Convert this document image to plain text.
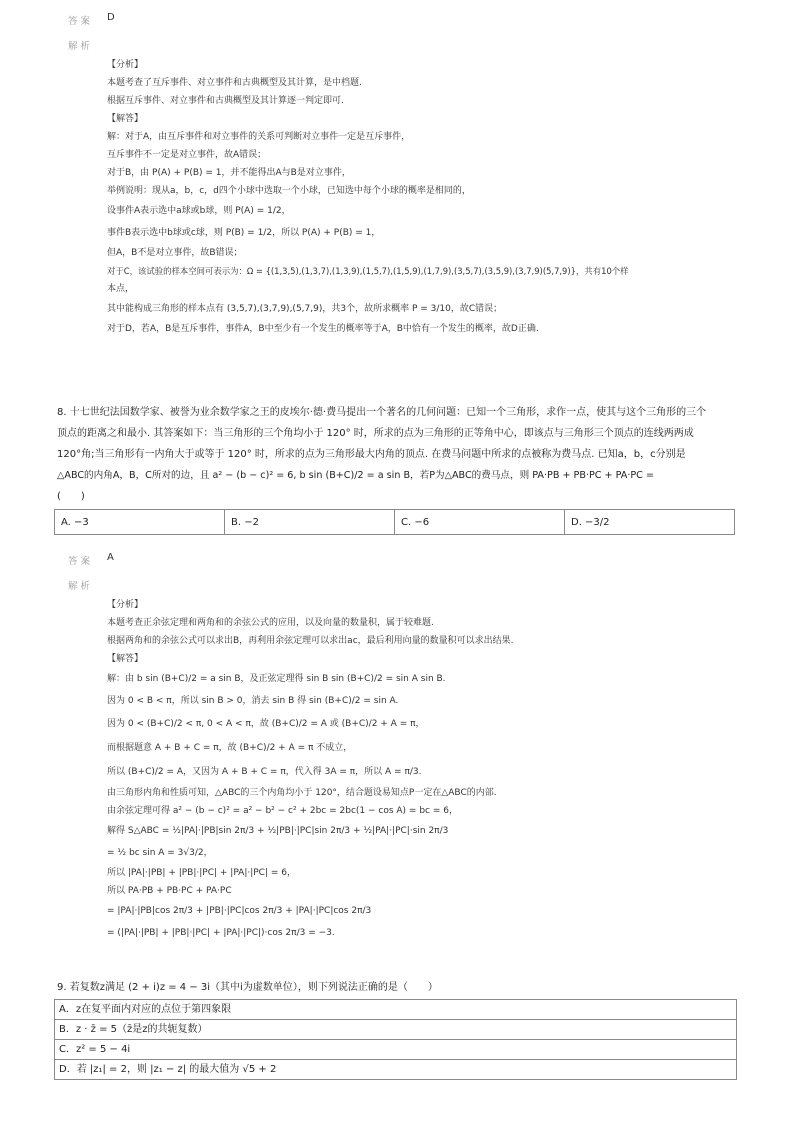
答案 D
解析
【分析】
本题考查了互斥事件、对立事件和古典概型及其计算，是中档题.
根据互斥事件、对立事件和古典概型及其计算逐一判定即可.
【解答】
解：对于A，由互斥事件和对立事件的关系可判断对立事件一定是互斥事件，
互斥事件不一定是对立事件，故A错误；
对于B，由 P(A) + P(B) = 1，并不能得出A与B是对立事件，
举例说明：现从a，b，c，d四个小球中选取一个小球，已知选中每个小球的概率是相同的，
设事件A表示选中a球或b球，则 P(A) = 1/2，
事件B表示选中b球或c球，则 P(B) = 1/2，所以 P(A) + P(B) = 1，
但A，B不是对立事件，故B错误；
对于C，该试验的样本空间可表示为：Ω = {(1,3,5),(1,3,7),(1,3,9),(1,5,7),(1,5,9),(1,7,9),(3,5,7),(3,5,9),(3,7,9)(5,7,9)}，共有10个样
本点，
其中能构成三角形的样本点有 (3,5,7),(3,7,9),(5,7,9)，共3个，故所求概率 P = 3/10，故C错误；
对于D，若A，B是互斥事件，事件A，B中至少有一个发生的概率等于A，B中恰有一个发生的概率，故D正确.
8. 十七世纪法国数学家、被誉为业余数学家之王的皮埃尔·德·费马提出一个著名的几何问题：已知一个三角形，求作一点，使其与这个三角形的三个
顶点的距离之和最小. 其答案如下：当三角形的三个角均小于 120° 时，所求的点为三角形的正等角中心，即该点与三角形三个顶点的连线两两成
120°角;当三角形有一内角大于或等于 120° 时，所求的点为三角形最大内角的顶点. 在费马问题中所求的点被称为费马点. 已知a，b，c分别是
△ABC的内角A，B，C所对的边，且 a² − (b − c)² = 6, b sin (B+C)/2 = a sin B，若P为△ABC的费马点，则 PA·PB + PB·PC + PA·PC =
(　　)
A. −3	B. −2	C. −6	D. −3/2
答案 A
解析
【分析】
本题考查正余弦定理和两角和的余弦公式的应用，以及向量的数量积，属于较难题.
根据两角和的余弦公式可以求出B，再利用余弦定理可以求出ac，最后利用向量的数量积可以求出结果.
【解答】
解：由 b sin (B+C)/2 = a sin B，及正弦定理得 sin B sin (B+C)/2 = sin A sin B.
因为 0 < B < π，所以 sin B > 0，消去 sin B 得 sin (B+C)/2 = sin A.
因为 0 < (B+C)/2 < π, 0 < A < π，故 (B+C)/2 = A 或 (B+C)/2 + A = π，
而根据题意 A + B + C = π，故 (B+C)/2 + A = π 不成立，
所以 (B+C)/2 = A，又因为 A + B + C = π，代入得 3A = π，所以 A = π/3.
由三角形内角和性质可知，△ABC的三个内角均小于 120°，结合题设易知点P一定在△ABC的内部.
由余弦定理可得 a² − (b − c)² = a² − b² − c² + 2bc = 2bc(1 − cos A) = bc = 6，
解得 S△ABC = ½|PA|·|PB|sin 2π/3 + ½|PB|·|PC|sin 2π/3 + ½|PA|·|PC|·sin 2π/3
= ½ bc sin A = 3√3/2，
所以 |PA|·|PB| + |PB|·|PC| + |PA|·|PC| = 6，
所以 PA·PB + PB·PC + PA·PC
= |PA|·|PB|cos 2π/3 + |PB|·|PC|cos 2π/3 + |PA|·|PC|cos 2π/3
= (|PA|·|PB| + |PB|·|PC| + |PA|·|PC|)·cos 2π/3 = −3.
9. 若复数z满足 (2 + i)z = 4 − 3i（其中i为虚数单位），则下列说法正确的是（　　）
A．z在复平面内对应的点位于第四象限
B．z · z̄ = 5（z̄是z的共轭复数）
C．z² = 5 − 4i
D．若 |z₁| = 2，则 |z₁ − z| 的最大值为 √5 + 2
